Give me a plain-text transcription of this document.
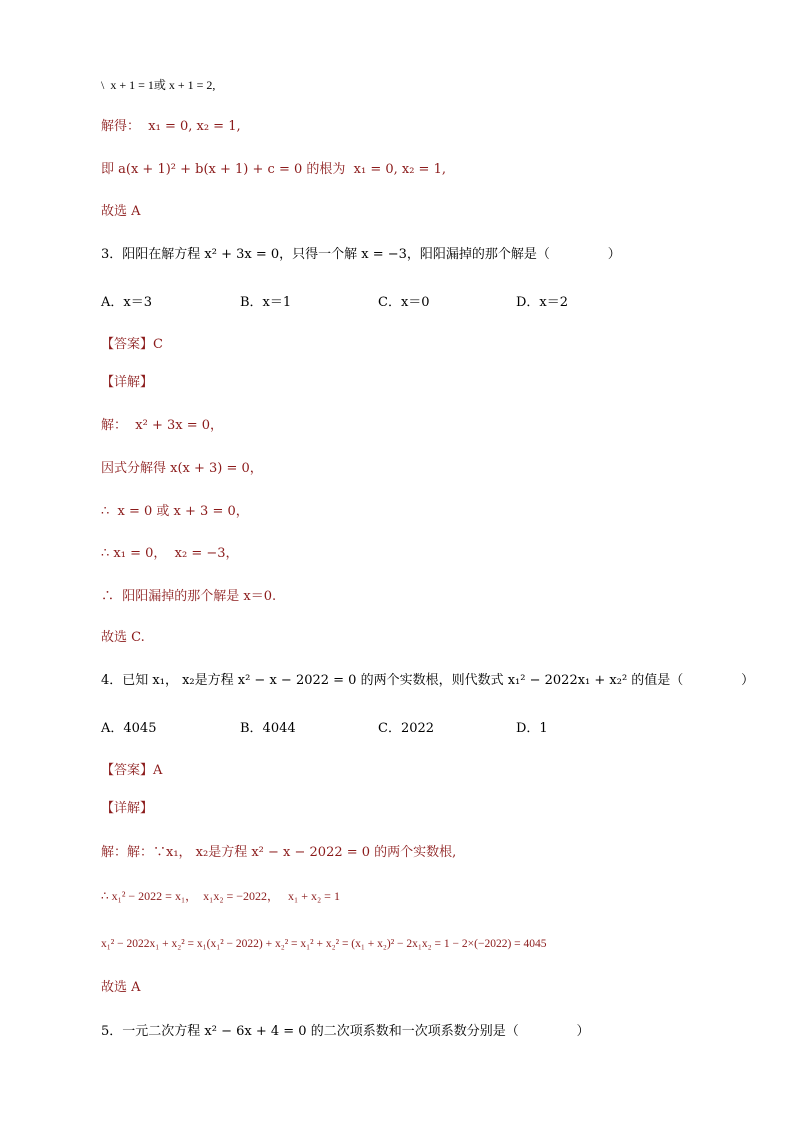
\  x + 1 = 1或 x + 1 = 2,
解得：  x₁ = 0, x₂ = 1,
即 a(x + 1)² + b(x + 1) + c = 0 的根为  x₁ = 0, x₂ = 1,
故选 A
3．阳阳在解方程 x² + 3x = 0，只得一个解 x = −3，阳阳漏掉的那个解是（              ）
A．x＝3	B．x＝1	C．x＝0	D．x＝2
【答案】C
【详解】
解：  x² + 3x = 0，
因式分解得 x(x + 3) = 0，
∴  x = 0 或 x + 3 = 0，
∴ x₁ = 0，  x₂ = −3，
∴  阳阳漏掉的那个解是 x＝0.
故选 C.
4．已知 x₁， x₂是方程 x² − x − 2022 = 0 的两个实数根，则代数式 x₁² − 2022x₁ + x₂² 的值是（              ）
A．4045	B．4044	C．2022	D．1
【答案】A
【详解】
解：解：∵x₁， x₂是方程 x² − x − 2022 = 0 的两个实数根,
∴ x₁² − 2022 = x₁，  x₁x₂ = −2022，   x₁ + x₂ = 1
x₁² − 2022x₁ + x₂² = x₁(x₁² − 2022) + x₂² = x₁² + x₂² = (x₁ + x₂)² − 2x₁x₂ = 1 − 2×(−2022) = 4045
故选 A
5．一元二次方程 x² − 6x + 4 = 0 的二次项系数和一次项系数分别是（              ）
